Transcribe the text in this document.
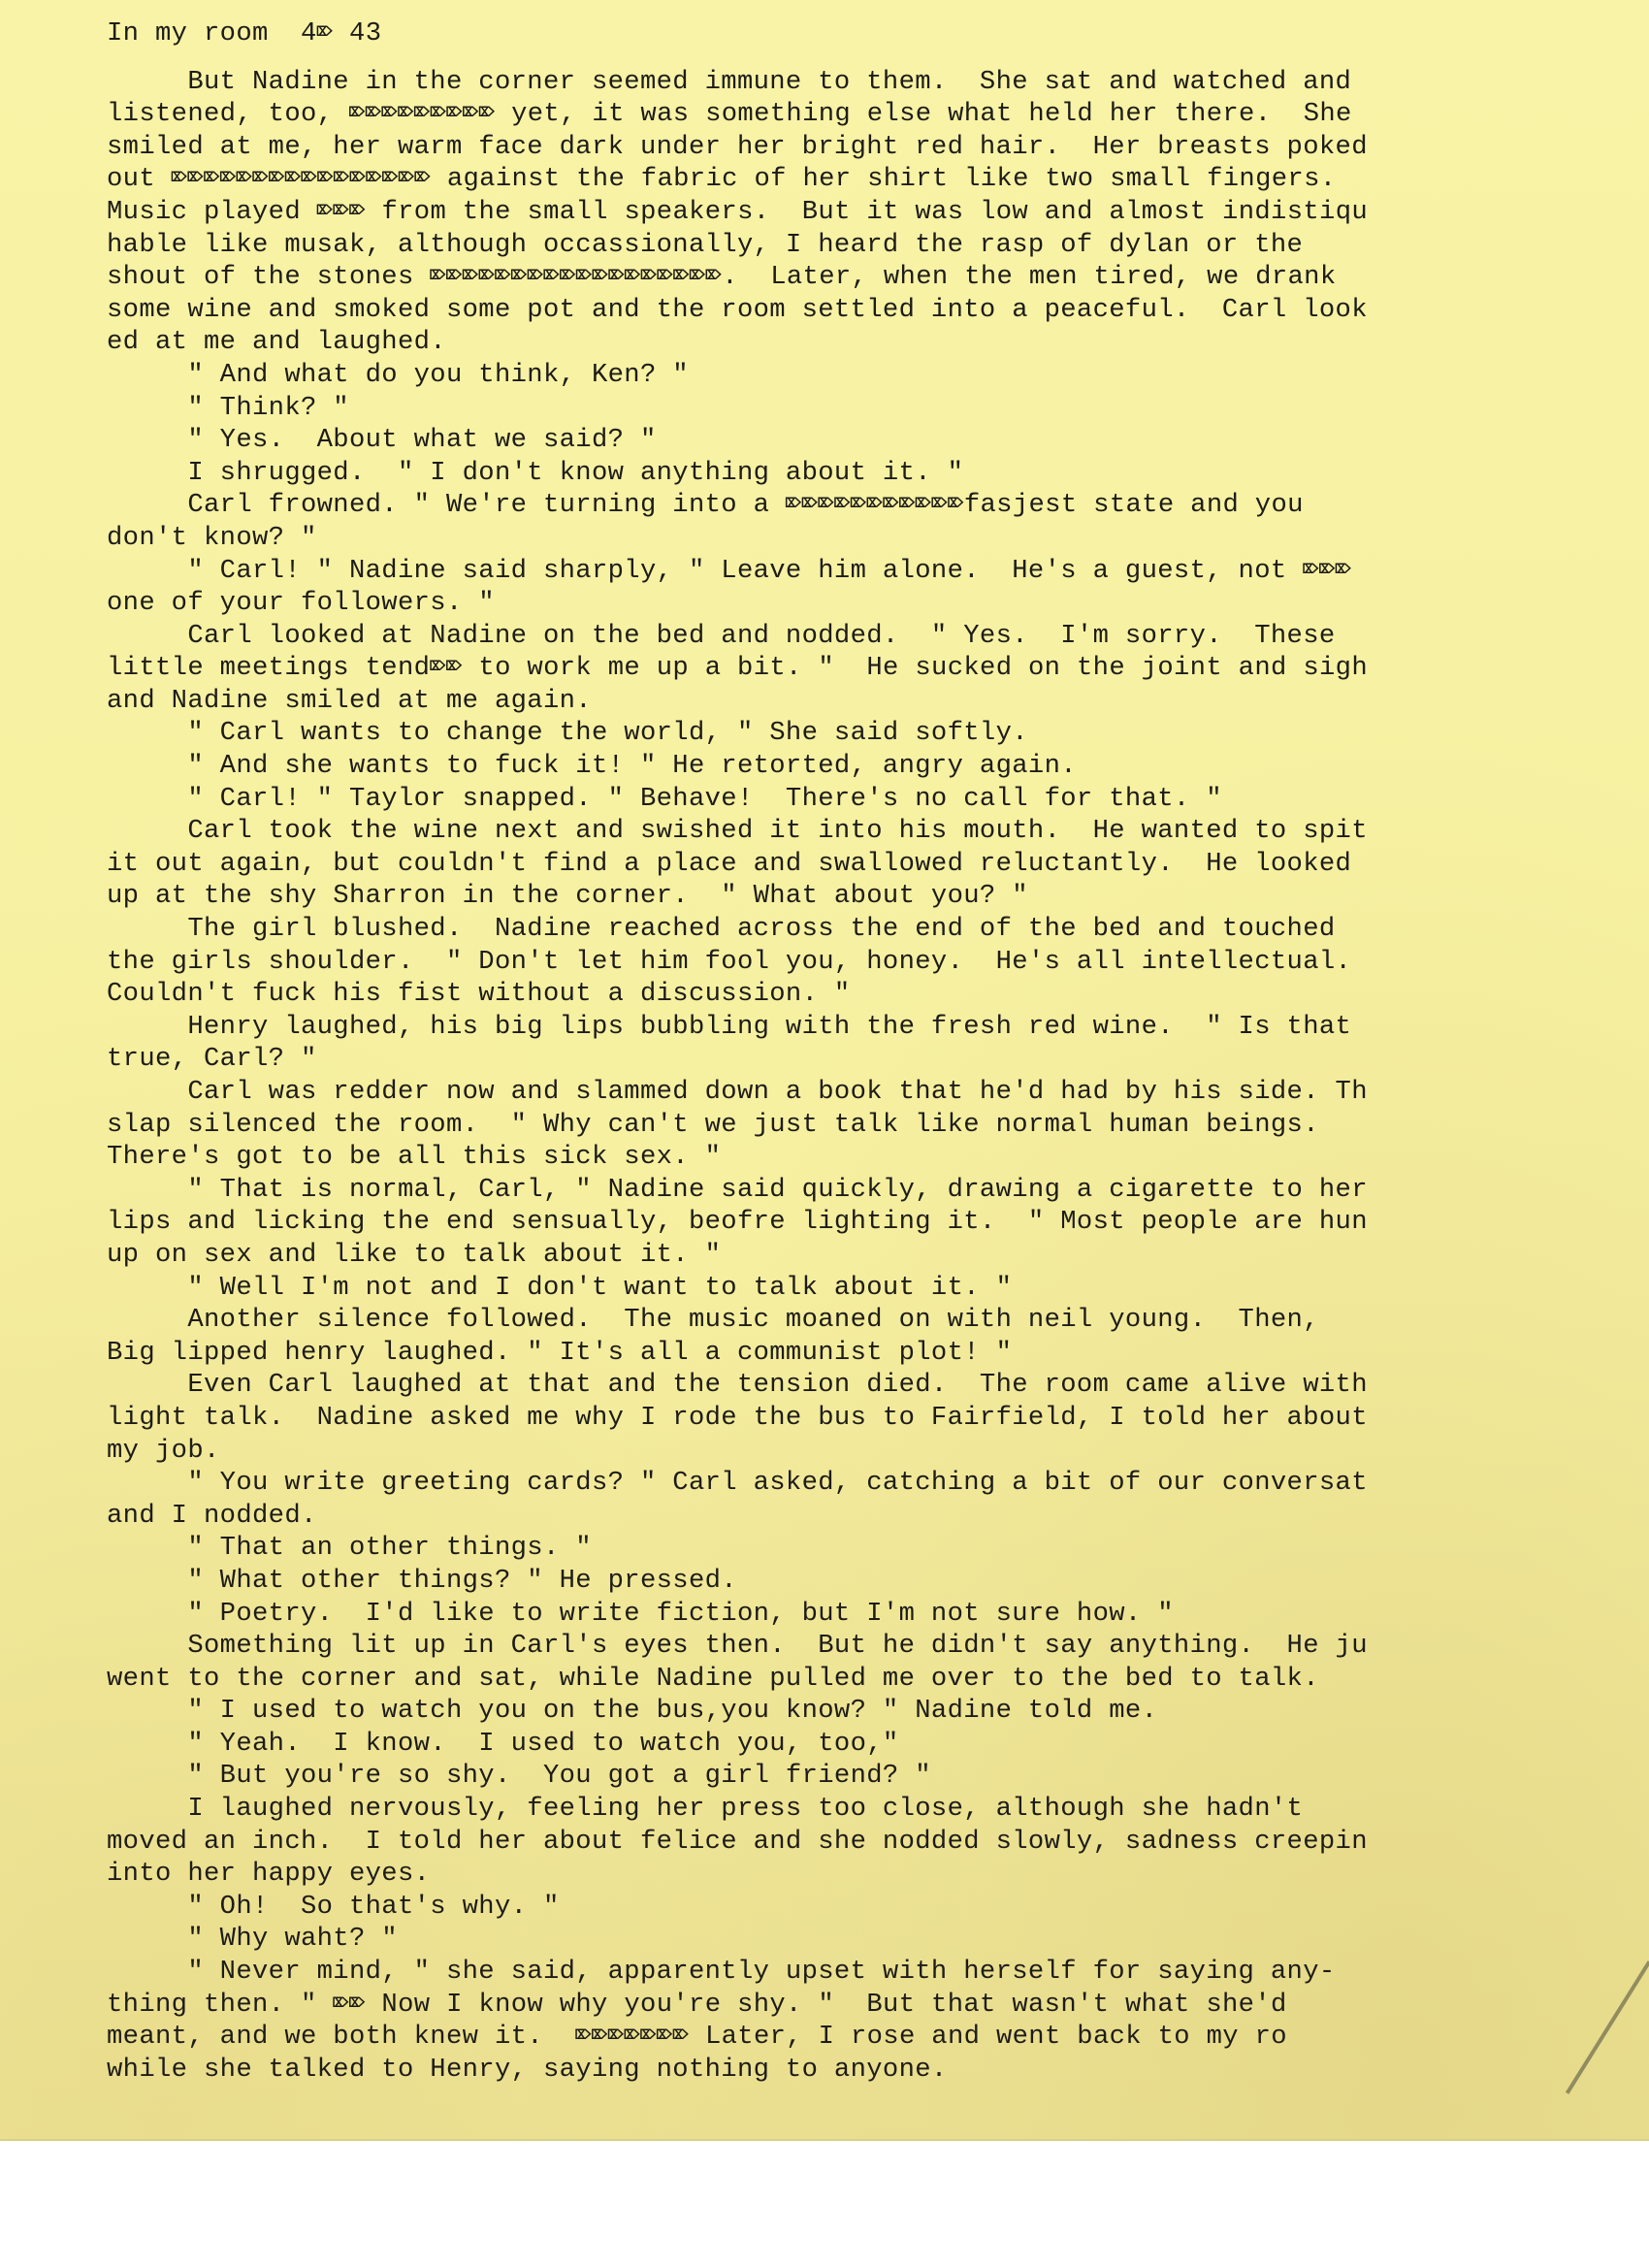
In my room  4⌦ 43
But Nadine in the corner seemed immune to them.  She sat and watched and
listened, too, ⌦⌦⌦⌦⌦⌦⌦⌦⌦ yet, it was something else what held her there.  She
smiled at me, her warm face dark under her bright red hair.  Her breasts poked
out ⌦⌦⌦⌦⌦⌦⌦⌦⌦⌦⌦⌦⌦⌦⌦⌦ against the fabric of her shirt like two small fingers.
Music played ⌦⌦⌦ from the small speakers.  But it was low and almost indistiqu
hable like musak, although occassionally, I heard the rasp of dylan or the
shout of the stones ⌦⌦⌦⌦⌦⌦⌦⌦⌦⌦⌦⌦⌦⌦⌦⌦⌦⌦.  Later, when the men tired, we drank
some wine and smoked some pot and the room settled into a peaceful.  Carl look
ed at me and laughed.
" And what do you think, Ken? "
" Think? "
" Yes.  About what we said? "
I shrugged.  " I don't know anything about it. "
Carl frowned. " We're turning into a ⌦⌦⌦⌦⌦⌦⌦⌦⌦⌦⌦fasjest state and you
don't know? "
" Carl! " Nadine said sharply, " Leave him alone.  He's a guest, not ⌦⌦⌦
one of your followers. "
Carl looked at Nadine on the bed and nodded.  " Yes.  I'm sorry.  These
little meetings tend⌦⌦ to work me up a bit. "  He sucked on the joint and sigh
and Nadine smiled at me again.
" Carl wants to change the world, " She said softly.
" And she wants to fuck it! " He retorted, angry again.
" Carl! " Taylor snapped. " Behave!  There's no call for that. "
Carl took the wine next and swished it into his mouth.  He wanted to spit
it out again, but couldn't find a place and swallowed reluctantly.  He looked
up at the shy Sharron in the corner.  " What about you? "
The girl blushed.  Nadine reached across the end of the bed and touched
the girls shoulder.  " Don't let him fool you, honey.  He's all intellectual.
Couldn't fuck his fist without a discussion. "
Henry laughed, his big lips bubbling with the fresh red wine.  " Is that
true, Carl? "
Carl was redder now and slammed down a book that he'd had by his side. Th
slap silenced the room.  " Why can't we just talk like normal human beings.
There's got to be all this sick sex. "
" That is normal, Carl, " Nadine said quickly, drawing a cigarette to her
lips and licking the end sensually, beofre lighting it.  " Most people are hun
up on sex and like to talk about it. "
" Well I'm not and I don't want to talk about it. "
Another silence followed.  The music moaned on with neil young.  Then,
Big lipped henry laughed. " It's all a communist plot! "
Even Carl laughed at that and the tension died.  The room came alive with
light talk.  Nadine asked me why I rode the bus to Fairfield, I told her about
my job.
" You write greeting cards? " Carl asked, catching a bit of our conversat
and I nodded.
" That an other things. "
" What other things? " He pressed.
" Poetry.  I'd like to write fiction, but I'm not sure how. "
Something lit up in Carl's eyes then.  But he didn't say anything.  He ju
went to the corner and sat, while Nadine pulled me over to the bed to talk.
" I used to watch you on the bus,you know? " Nadine told me.
" Yeah.  I know.  I used to watch you, too,"
" But you're so shy.  You got a girl friend? "
I laughed nervously, feeling her press too close, although she hadn't
moved an inch.  I told her about felice and she nodded slowly, sadness creepin
into her happy eyes.
" Oh!  So that's why. "
" Why waht? "
" Never mind, " she said, apparently upset with herself for saying any-
thing then. " ⌦⌦ Now I know why you're shy. "  But that wasn't what she'd
meant, and we both knew it.  ⌦⌦⌦⌦⌦⌦⌦ Later, I rose and went back to my ro
while she talked to Henry, saying nothing to anyone.
